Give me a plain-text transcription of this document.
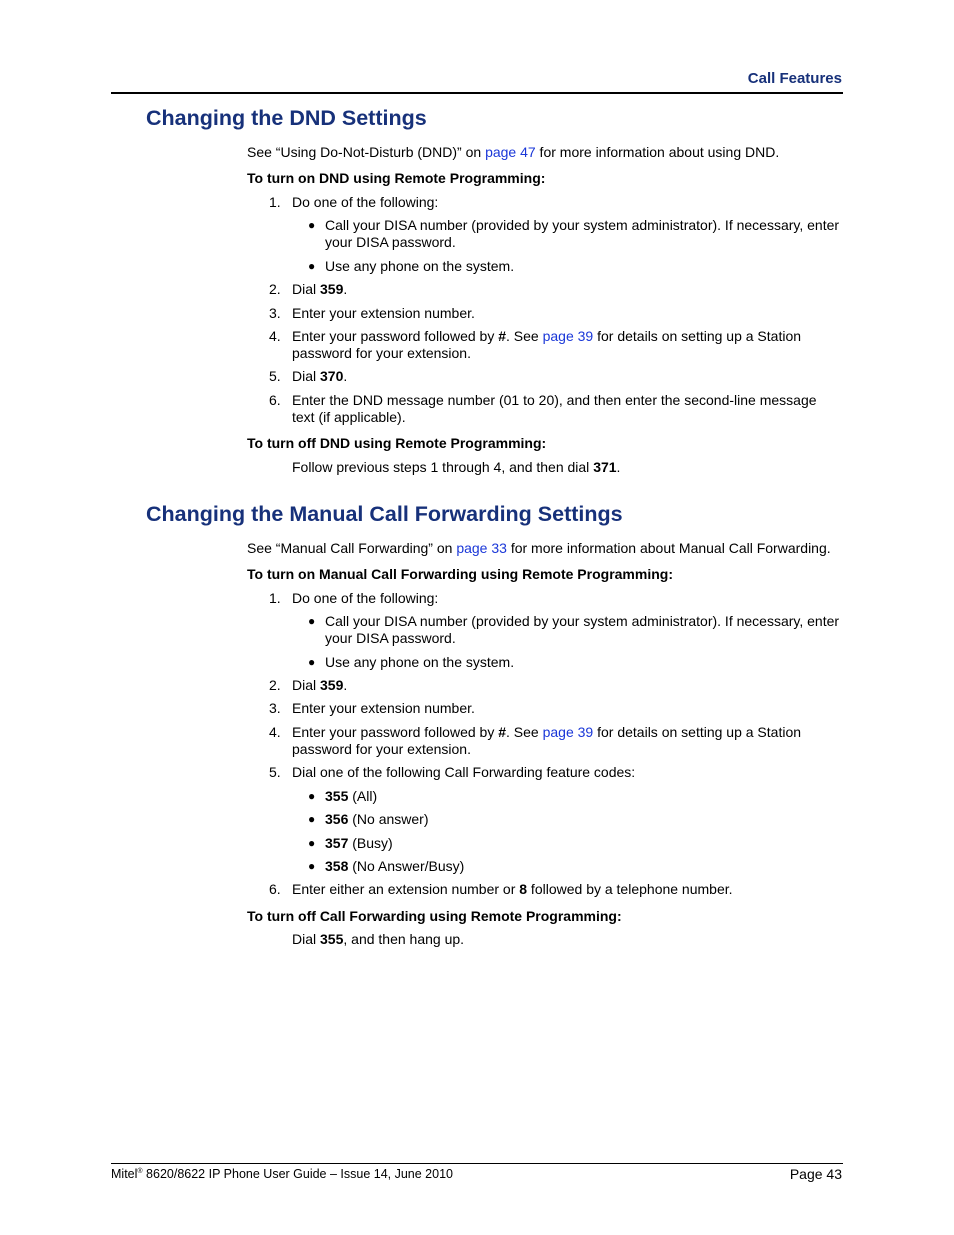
Call Features
Changing the DND Settings

See “Using Do-Not-Disturb (DND)” on page 47 for more information about using DND.

To turn on DND using Remote Programming:

1. Do one of the following:

● Call your DISA number (provided by your system administrator). If necessary, enter
your DISA password.

● Use any phone on the system.

2. Dial 359.

3. Enter your extension number.

4. Enter your password followed by #. See page 39 for details on setting up a Station
password for your extension.

5. Dial 370.

6. Enter the DND message number (01 to 20), and then enter the second-line message
text (if applicable).

To turn off DND using Remote Programming:

Follow previous steps 1 through 4, and then dial 371.

Changing the Manual Call Forwarding Settings

See “Manual Call Forwarding” on page 33 for more information about Manual Call Forwarding.

To turn on Manual Call Forwarding using Remote Programming:

1. Do one of the following:

● Call your DISA number (provided by your system administrator). If necessary, enter
your DISA password.

● Use any phone on the system.

2. Dial 359.

3. Enter your extension number.

4. Enter your password followed by #. See page 39 for details on setting up a Station
password for your extension.

5. Dial one of the following Call Forwarding feature codes:

● 355 (All)

● 356 (No answer)

● 357 (Busy)

● 358 (No Answer/Busy)

6. Enter either an extension number or 8 followed by a telephone number.

To turn off Call Forwarding using Remote Programming:

Dial 355, and then hang up.

Mitel® 8620/8622 IP Phone User Guide – Issue 14, June 2010	Page 43
